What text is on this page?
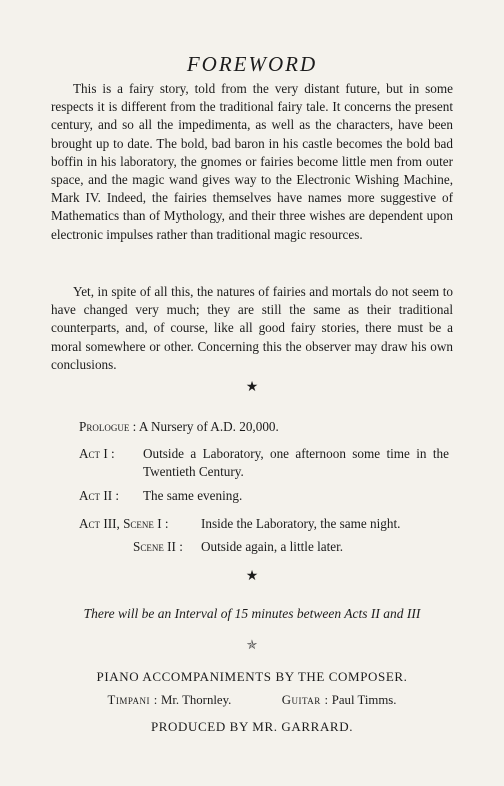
FOREWORD

This is a fairy story, told from the very distant future, but in some respects it is different from the traditional fairy tale. It concerns the present century, and so all the impedimenta, as well as the characters, have been brought up to date. The bold, bad baron in his castle becomes the bold bad boffin in his laboratory, the gnomes or fairies become little men from outer space, and the magic wand gives way to the Electronic Wishing Machine, Mark IV. Indeed, the fairies themselves have names more suggestive of Mathematics than of Mythology, and their three wishes are dependent upon electronic impulses rather than traditional magic resources.

Yet, in spite of all this, the natures of fairies and mortals do not seem to have changed very much; they are still the same as their traditional counterparts, and, of course, like all good fairy stories, there must be a moral somewhere or other. Concerning this the observer may draw his own conclusions.

★
Prologue : A Nursery of A.D. 20,000.
Act I :	Outside a Laboratory, one afternoon some time in the Twentieth Century.
Act II :	The same evening.
Act III, Scene I : Inside the Laboratory, the same night.
Scene II : Outside again, a little later.
★
There will be an Interval of 15 minutes between Acts II and III
✯
PIANO ACCOMPANIMENTS BY THE COMPOSER.
Timpani : Mr. Thornley.	Guitar : Paul Timms.
PRODUCED BY MR. GARRARD.
